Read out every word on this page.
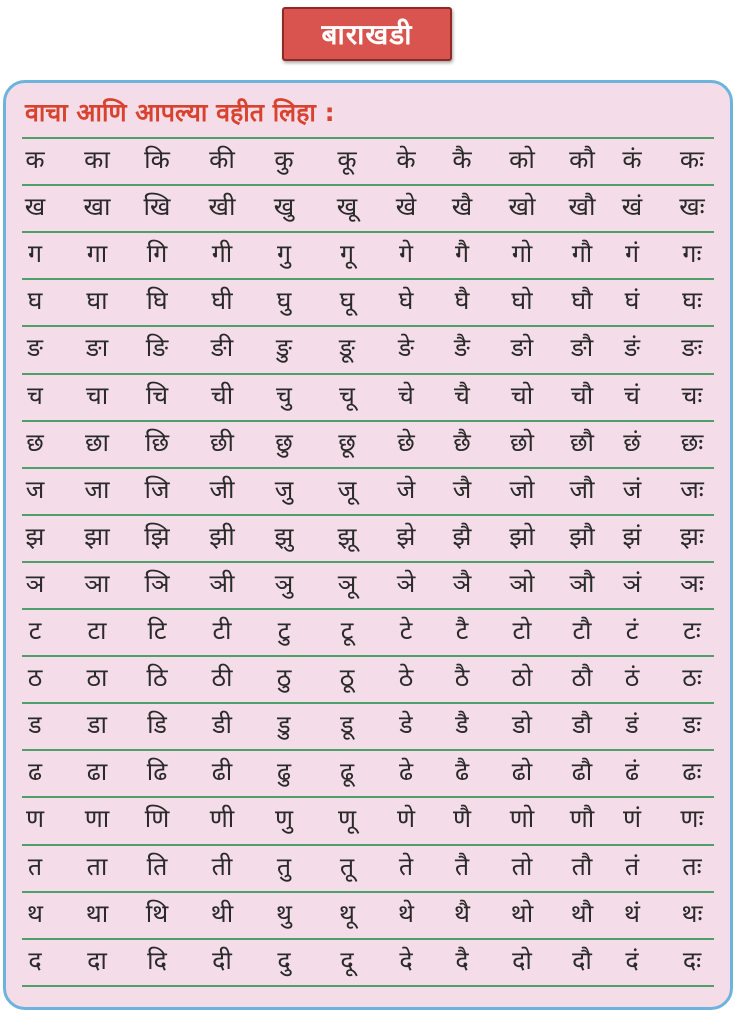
बाराखडी
वाचा आणि आपल्या वहीत लिहा :
क	का	कि	की	कु	कू	के	कै	को	कौ	कं	कः
ख	खा	खि	खी	खु	खू	खे	खै	खो	खौ	खं	खः
ग	गा	गि	गी	गु	गू	गे	गै	गो	गौ	गं	गः
घ	घा	घि	घी	घु	घू	घे	घै	घो	घौ	घं	घः
ङ	ङा	ङि	ङी	ङु	ङू	ङे	ङै	ङो	ङौ	ङं	ङः
च	चा	चि	ची	चु	चू	चे	चै	चो	चौ	चं	चः
छ	छा	छि	छी	छु	छू	छे	छै	छो	छौ	छं	छः
ज	जा	जि	जी	जु	जू	जे	जै	जो	जौ	जं	जः
झ	झा	झि	झी	झु	झू	झे	झै	झो	झौ	झं	झः
ञ	ञा	ञि	ञी	ञु	ञू	ञे	ञै	ञो	ञौ	ञं	ञः
ट	टा	टि	टी	टु	टू	टे	टै	टो	टौ	टं	टः
ठ	ठा	ठि	ठी	ठु	ठू	ठे	ठै	ठो	ठौ	ठं	ठः
ड	डा	डि	डी	डु	डू	डे	डै	डो	डौ	डं	डः
ढ	ढा	ढि	ढी	ढु	ढू	ढे	ढै	ढो	ढौ	ढं	ढः
ण	णा	णि	णी	णु	णू	णे	णै	णो	णौ	णं	णः
त	ता	ति	ती	तु	तू	ते	तै	तो	तौ	तं	तः
थ	था	थि	थी	थु	थू	थे	थै	थो	थौ	थं	थः
द	दा	दि	दी	दु	दू	दे	दै	दो	दौ	दं	दः
